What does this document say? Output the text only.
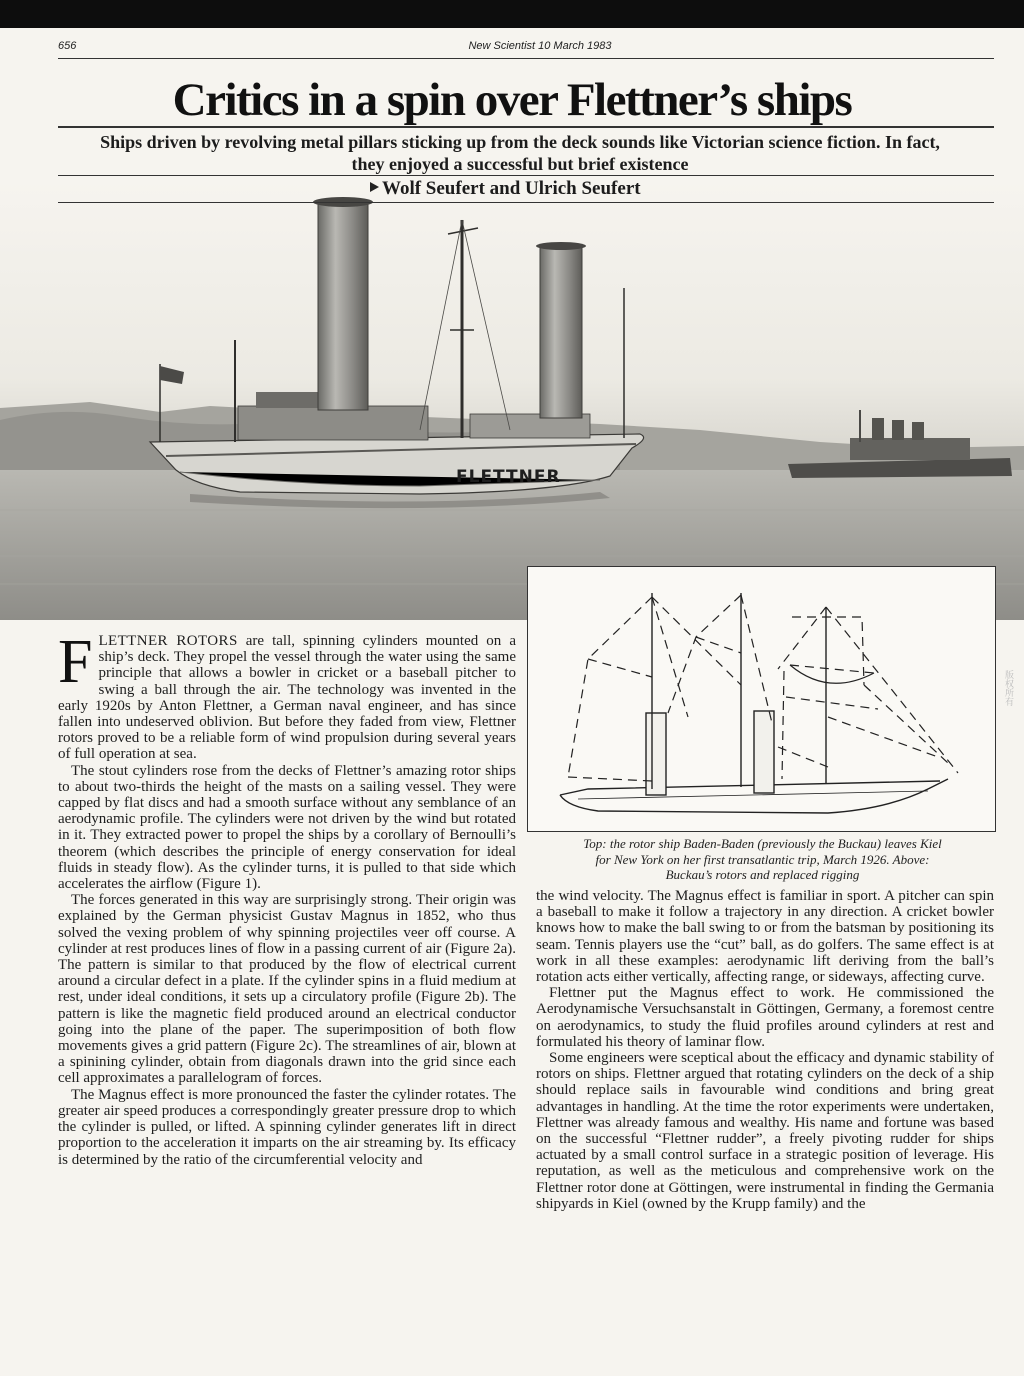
656	New Scientist 10 March 1983
FLETTNER
Critics in a spin over Flettner’s ships

Ships driven by revolving metal pillars sticking up from the deck sounds like Victorian science fiction. In fact, they enjoyed a successful but brief existence

Wolf Seufert and Ulrich Seufert

Top: the rotor ship Baden-Baden (previously the Buckau) leaves Kiel
for New York on her first transatlantic trip, March 1926. Above:
Buckau’s rotors and replaced rigging

FLETTNER ROTORS are tall, spinning cylinders mounted on a ship’s deck. They propel the vessel through the water using the same principle that allows a bowler in cricket or a baseball pitcher to swing a ball through the air. The technology was invented in the early 1920s by Anton Flettner, a German naval engineer, and has since fallen into undeserved oblivion. But before they faded from view, Flettner rotors proved to be a reliable form of wind propulsion during several years of full operation at sea.

The stout cylinders rose from the decks of Flettner’s amazing rotor ships to about two-thirds the height of the masts on a sailing vessel. They were capped by flat discs and had a smooth surface without any semblance of an aerodynamic profile. The cylinders were not driven by the wind but rotated in it. They extracted power to propel the ships by a corollary of Bernoulli’s theorem (which describes the principle of energy conservation for ideal fluids in steady flow). As the cylinder turns, it is pulled to that side which accelerates the airflow (Figure 1).

The forces generated in this way are surprisingly strong. Their origin was explained by the German physicist Gustav Magnus in 1852, who thus solved the vexing problem of why spinning projectiles veer off course. A cylinder at rest produces lines of flow in a passing current of air (Figure 2a). The pattern is similar to that produced by the flow of electrical current around a circular defect in a plate. If the cylinder spins in a fluid medium at rest, under ideal conditions, it sets up a circulatory profile (Figure 2b). The pattern is like the magnetic field produced around an electrical conductor going into the plane of the paper. The superimposition of both flow movements gives a grid pattern (Figure 2c). The streamlines of air, blown at a spinining cylinder, obtain from diagonals drawn into the grid since each cell approximates a parallelogram of forces.

The Magnus effect is more pronounced the faster the cylinder rotates. The greater air speed produces a correspondingly greater pressure drop to which the cylinder is pulled, or lifted. A spinning cylinder generates lift in direct proportion to the acceleration it imparts on the air streaming by. Its efficacy is determined by the ratio of the circumferential velocity and

the wind velocity. The Magnus effect is familiar in sport. A pitcher can spin a baseball to make it follow a trajectory in any direction. A cricket bowler knows how to make the ball swing to or from the batsman by positioning its seam. Tennis players use the “cut” ball, as do golfers. The same effect is at work in all these examples: aerodynamic lift deriving from the ball’s rotation acts either vertically, affecting range, or sideways, affecting curve.

Flettner put the Magnus effect to work. He commissioned the Aerodynamische Versuchsanstalt in Göttingen, Germany, a foremost centre on aerodynamics, to study the fluid profiles around cylinders at rest and formulated his theory of laminar flow.

Some engineers were sceptical about the efficacy and dynamic stability of rotors on ships. Flettner argued that rotating cylinders on the deck of a ship should replace sails in favourable wind conditions and bring great advantages in handling. At the time the rotor experiments were undertaken, Flettner was already famous and wealthy. His name and fortune was based on the successful “Flettner rudder”, a freely pivoting rudder for ships actuated by a small control surface in a strategic position of leverage. His reputation, as well as the meticulous and comprehensive work on the Flettner rotor done at Göttingen, were instrumental in finding the Germania shipyards in Kiel (owned by the Krupp family) and the

版权所有
